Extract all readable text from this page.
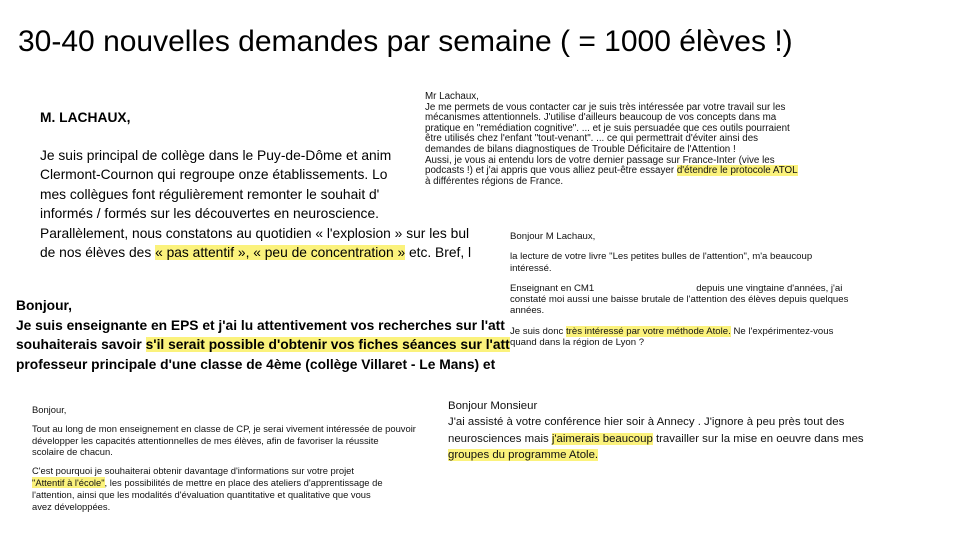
30-40 nouvelles demandes par semaine ( = 1000 élèves !)
M. LACHAUX,
Je suis principal de collège dans le Puy-de-Dôme et anim
Clermont-Cournon qui regroupe onze établissements. Lo
mes collègues font régulièrement remonter le souhait d'
informés / formés sur les découvertes en neuroscience.
Parallèlement, nous constatons au quotidien « l'explosion » sur les bul
de nos élèves des « pas attentif », « peu de concentration » etc. Bref, l
Bonjour,
Je suis enseignante en EPS et j'ai lu attentivement vos recherches sur l'att
souhaiterais savoir s'il serait possible d'obtenir vos fiches séances sur l'att
professeur principale d'une classe de 4ème (collège Villaret - Le Mans) et
Mr Lachaux,
Je me permets de vous contacter car je suis très intéressée par votre travail sur les
mécanismes attentionnels. J'utilise d'ailleurs beaucoup de vos concepts dans ma
pratique en "remédiation cognitive". ... et je suis persuadée que ces outils pourraient
être utilisés chez l'enfant "tout-venant". ... ce qui permettrait d'éviter ainsi des
demandes de bilans diagnostiques de Trouble Déficitaire de l'Attention !
Aussi, je vous ai entendu lors de votre dernier passage sur France-Inter (vive les
podcasts !) et j'ai appris que vous alliez peut-être essayer d'étendre le protocole ATOL
à différentes régions de France.
Bonjour M Lachaux,
la lecture de votre livre "Les petites bulles de l'attention", m'a beaucoup
intéressé.
Enseignant en CM1	depuis une vingtaine d'années, j'ai
constaté moi aussi une baisse brutale de l'attention des élèves depuis quelques
années.
Je suis donc très intéressé par votre méthode Atole. Ne l'expérimentez-vous
quand dans la région de Lyon ?
Bonjour,
Tout au long de mon enseignement en classe de CP, je serai vivement intéressée de pouvoir
développer les capacités attentionnelles de mes élèves, afin de favoriser la réussite
scolaire de chacun.
C'est pourquoi je souhaiterai obtenir davantage d'informations sur votre projet
"Attentif à l'école", les possibilités de mettre en place des ateliers d'apprentissage de
l'attention, ainsi que les modalités d'évaluation quantitative et qualitative que vous
avez développées.
Bonjour Monsieur
J'ai assisté à votre conférence hier soir à Annecy . J'ignore à peu près tout des
neurosciences mais j'aimerais beaucoup travailler sur la mise en oeuvre dans mes
groupes du programme Atole.
